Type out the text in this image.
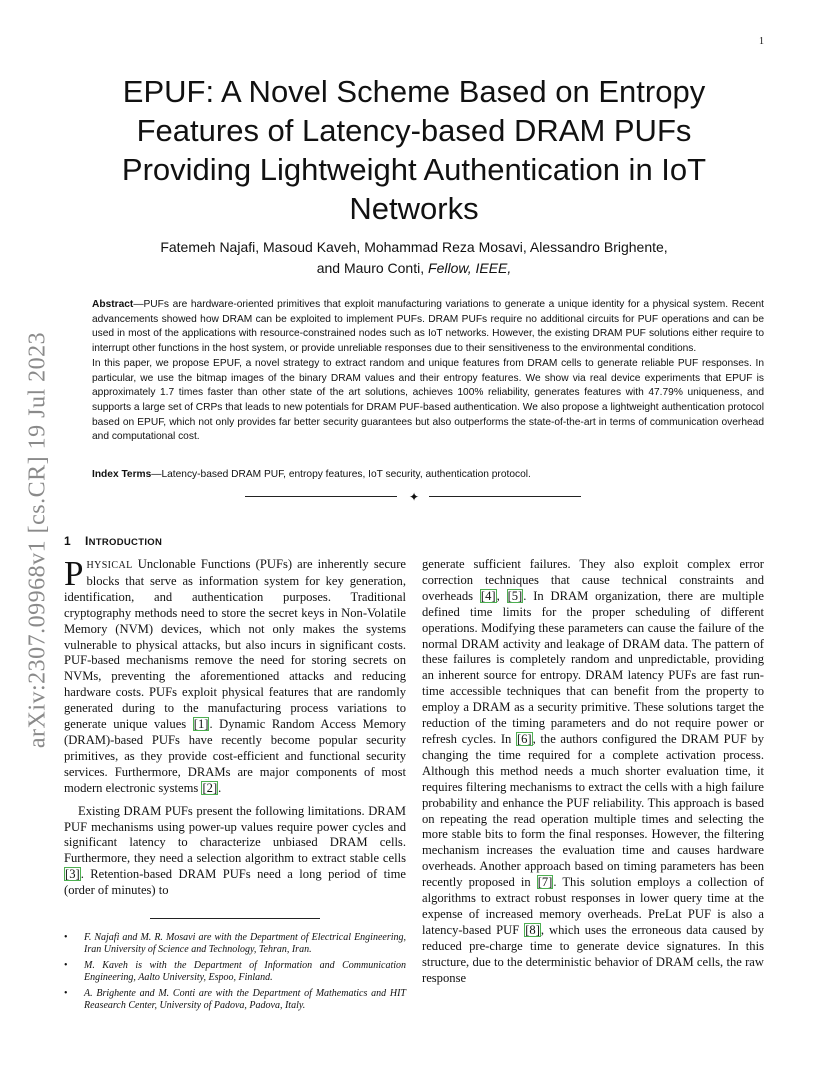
1
arXiv:2307.09968v1 [cs.CR] 19 Jul 2023
EPUF: A Novel Scheme Based on Entropy Features of Latency-based DRAM PUFs Providing Lightweight Authentication in IoT Networks
Fatemeh Najafi, Masoud Kaveh, Mohammad Reza Mosavi, Alessandro Brighente,
and Mauro Conti, Fellow, IEEE,

Abstract—PUFs are hardware-oriented primitives that exploit manufacturing variations to generate a unique identity for a physical system. Recent advancements showed how DRAM can be exploited to implement PUFs. DRAM PUFs require no additional circuits for PUF operations and can be used in most of the applications with resource-constrained nodes such as IoT networks. However, the existing DRAM PUF solutions either require to interrupt other functions in the host system, or provide unreliable responses due to their sensitiveness to the environmental conditions.

In this paper, we propose EPUF, a novel strategy to extract random and unique features from DRAM cells to generate reliable PUF responses. In particular, we use the bitmap images of the binary DRAM values and their entropy features. We show via real device experiments that EPUF is approximately 1.7 times faster than other state of the art solutions, achieves 100% reliability, generates features with 47.79% uniqueness, and supports a large set of CRPs that leads to new potentials for DRAM PUF-based authentication. We also propose a lightweight authentication protocol based on EPUF, which not only provides far better security guarantees but also outperforms the state-of-the-art in terms of communication overhead and computational cost.

Index Terms—Latency-based DRAM PUF, entropy features, IoT security, authentication protocol.
✦
1 INTRODUCTION

PHYSICAL Unclonable Functions (PUFs) are inherently secure blocks that serve as information system for key generation, identification, and authentication purposes. Traditional cryptography methods need to store the secret keys in Non-Volatile Memory (NVM) devices, which not only makes the systems vulnerable to physical attacks, but also incurs in significant costs. PUF-based mechanisms remove the need for storing secrets on NVMs, preventing the aforementioned attacks and reducing hardware costs. PUFs exploit physical features that are randomly generated during to the manufacturing process variations to generate unique values [1]. Dynamic Random Access Memory (DRAM)-based PUFs have recently become popular security primitives, as they provide cost-efficient and functional security services. Furthermore, DRAMs are major components of most modern electronic systems [2].

Existing DRAM PUFs present the following limitations. DRAM PUF mechanisms using power-up values require power cycles and significant latency to characterize unbiased DRAM cells. Furthermore, they need a selection algorithm to extract stable cells [3]. Retention-based DRAM PUFs need a long period of time (order of minutes) to

generate sufficient failures. They also exploit complex error correction techniques that cause technical constraints and overheads [4], [5]. In DRAM organization, there are multiple defined time limits for the proper scheduling of different operations. Modifying these parameters can cause the failure of the normal DRAM activity and leakage of DRAM data. The pattern of these failures is completely random and unpredictable, providing an inherent source for entropy. DRAM latency PUFs are fast run-time accessible techniques that can benefit from the property to employ a DRAM as a security primitive. These solutions target the reduction of the timing parameters and do not require power or refresh cycles. In [6], the authors configured the DRAM PUF by changing the time required for a complete activation process. Although this method needs a much shorter evaluation time, it requires filtering mechanisms to extract the cells with a high failure probability and enhance the PUF reliability. This approach is based on repeating the read operation multiple times and selecting the more stable bits to form the final responses. However, the filtering mechanism increases the evaluation time and causes hardware overheads. Another approach based on timing parameters has been recently proposed in [7]. This solution employs a collection of algorithms to extract robust responses in lower query time at the expense of increased memory overheads. PreLat PUF is also a latency-based PUF [8], which uses the erroneous data caused by reduced pre-charge time to generate device signatures. In this structure, due to the deterministic behavior of DRAM cells, the raw response

• F. Najafi and M. R. Mosavi are with the Department of Electrical Engineering, Iran University of Science and Technology, Tehran, Iran.
• M. Kaveh is with the Department of Information and Communication Engineering, Aalto University, Espoo, Finland.
• A. Brighente and M. Conti are with the Department of Mathematics and HIT Reasearch Center, University of Padova, Padova, Italy.
